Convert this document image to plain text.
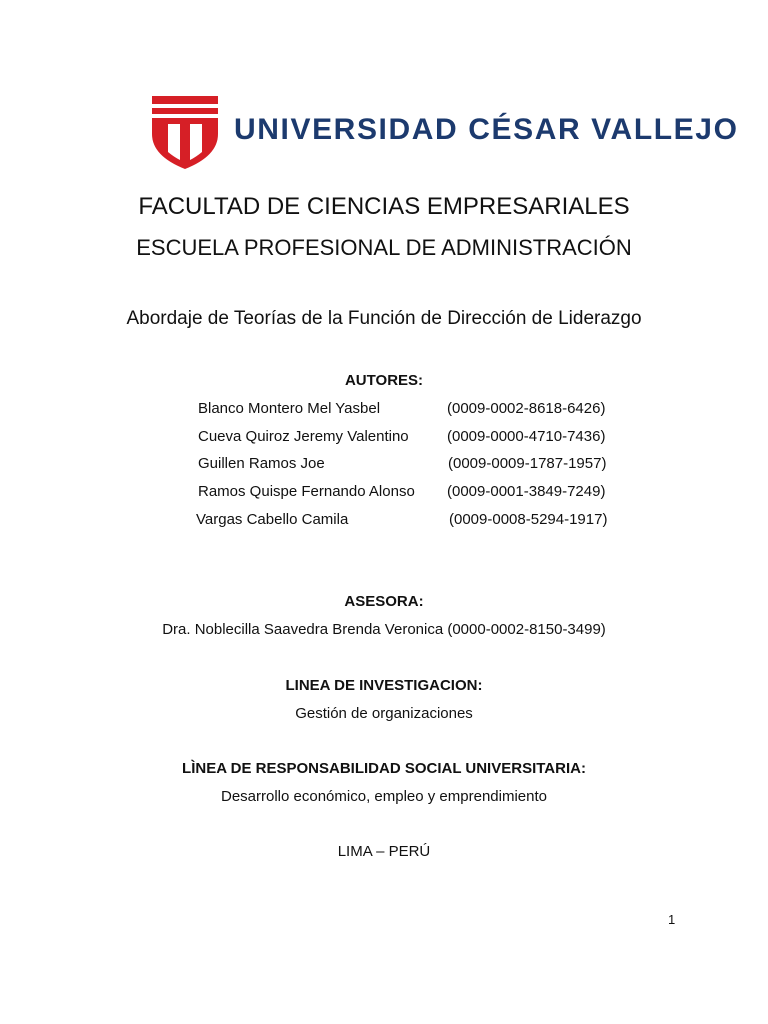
UNIVERSIDAD CÉSAR VALLEJO
FACULTAD DE CIENCIAS EMPRESARIALES
ESCUELA PROFESIONAL DE ADMINISTRACIÓN
Abordaje de Teorías de la Función de Dirección de Liderazgo
AUTORES:
Blanco Montero Mel Yasbel	(0009-0002-8618-6426)
Cueva Quiroz Jeremy Valentino	(0009-0000-4710-7436)
Guillen Ramos Joe	(0009-0009-1787-1957)
Ramos Quispe Fernando Alonso (0009-0001-3849-7249)
Vargas Cabello Camila	(0009-0008-5294-1917)
ASESORA:
Dra. Noblecilla Saavedra Brenda Veronica (0000-0002-8150-3499)
LINEA DE INVESTIGACION:
Gestión de organizaciones
LÌNEA DE RESPONSABILIDAD SOCIAL UNIVERSITARIA:
Desarrollo económico, empleo y emprendimiento
LIMA – PERÚ
1
